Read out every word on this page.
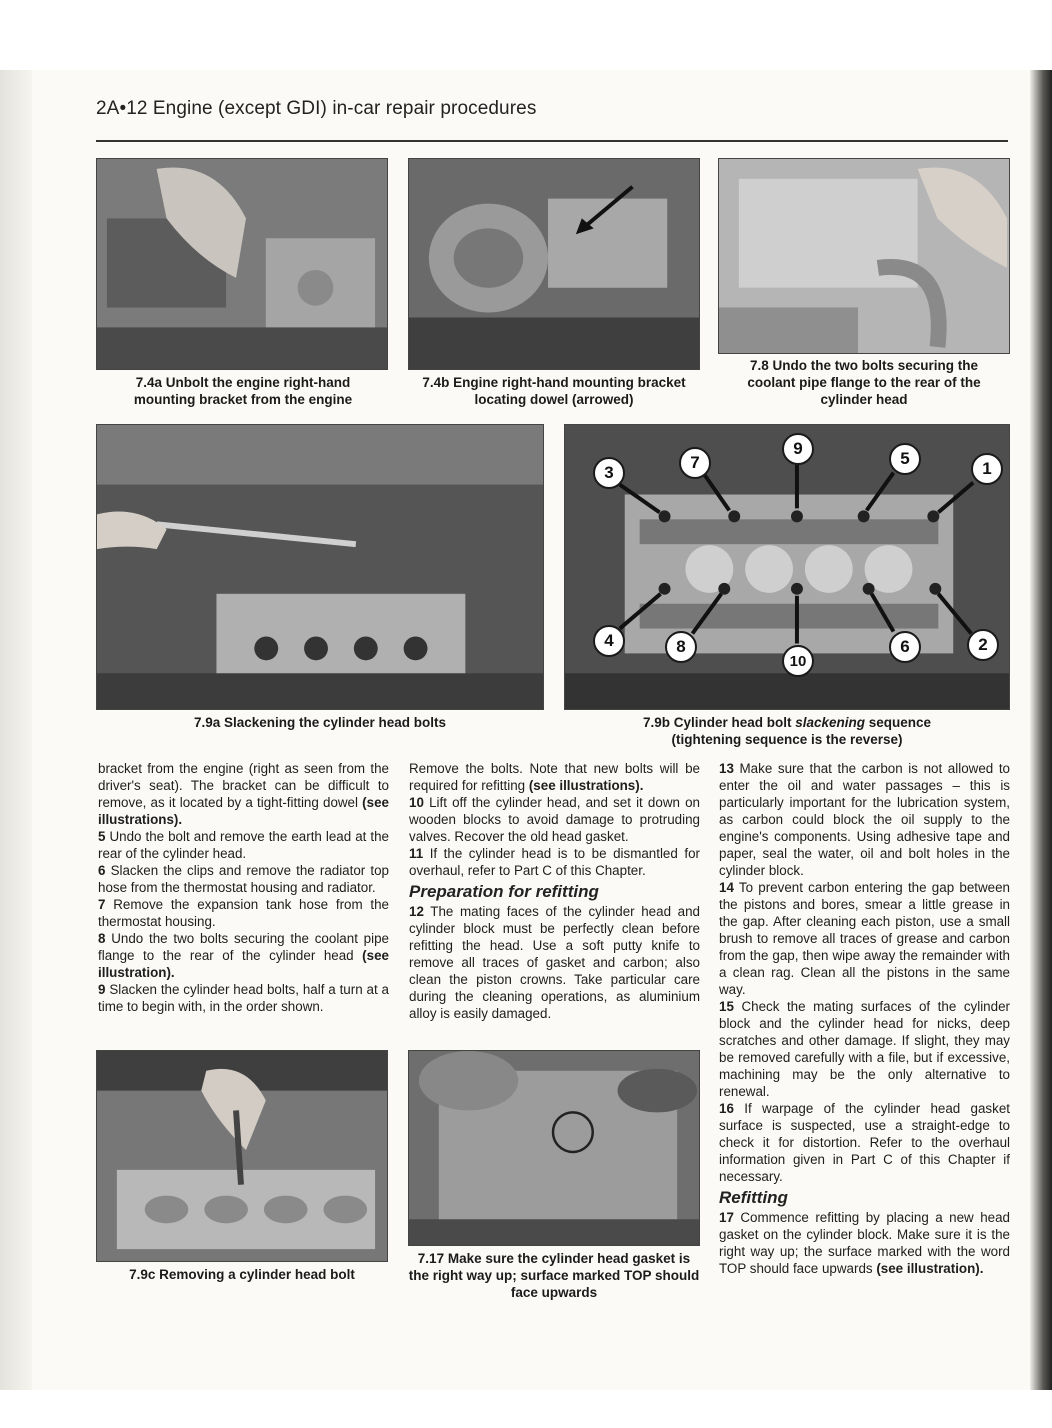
2A•12 Engine (except GDI) in-car repair procedures
7.4a Unbolt the engine right-hand mounting bracket from the engine
7.4b Engine right-hand mounting bracket locating dowel (arrowed)
7.8 Undo the two bolts securing the coolant pipe flange to the rear of the cylinder head
7.9a Slackening the cylinder head bolts
3
7
9
5
1
4	8
10
6	2
7.9b Cylinder head bolt slackening sequence
(tightening sequence is the reverse)

bracket from the engine (right as seen from the driver's seat). The bracket can be difficult to remove, as it located by a tight-fitting dowel (see illustrations).

5 Undo the bolt and remove the earth lead at the rear of the cylinder head.

6 Slacken the clips and remove the radiator top hose from the thermostat housing and radiator.

7 Remove the expansion tank hose from the thermostat housing.

8 Undo the two bolts securing the coolant pipe flange to the rear of the cylinder head (see illustration).

9 Slacken the cylinder head bolts, half a turn at a time to begin with, in the order shown.

Remove the bolts. Note that new bolts will be required for refitting (see illustrations).

10 Lift off the cylinder head, and set it down on wooden blocks to avoid damage to protruding valves. Recover the old head gasket.

11 If the cylinder head is to be dismantled for overhaul, refer to Part C of this Chapter.

Preparation for refitting

12 The mating faces of the cylinder head and cylinder block must be perfectly clean before refitting the head. Use a soft putty knife to remove all traces of gasket and carbon; also clean the piston crowns. Take particular care during the cleaning operations, as aluminium alloy is easily damaged.

13 Make sure that the carbon is not allowed to enter the oil and water passages – this is particularly important for the lubrication system, as carbon could block the oil supply to the engine's components. Using adhesive tape and paper, seal the water, oil and bolt holes in the cylinder block.

14 To prevent carbon entering the gap between the pistons and bores, smear a little grease in the gap. After cleaning each piston, use a small brush to remove all traces of grease and carbon from the gap, then wipe away the remainder with a clean rag. Clean all the pistons in the same way.

15 Check the mating surfaces of the cylinder block and the cylinder head for nicks, deep scratches and other damage. If slight, they may be removed carefully with a file, but if excessive, machining may be the only alternative to renewal.

16 If warpage of the cylinder head gasket surface is suspected, use a straight-edge to check it for distortion. Refer to the overhaul information given in Part C of this Chapter if necessary.

Refitting

17 Commence refitting by placing a new head gasket on the cylinder block. Make sure it is the right way up; the surface marked with the word TOP should face upwards (see illustration).

7.9c Removing a cylinder head bolt
7.17 Make sure the cylinder head gasket is the right way up; surface marked TOP should face upwards
